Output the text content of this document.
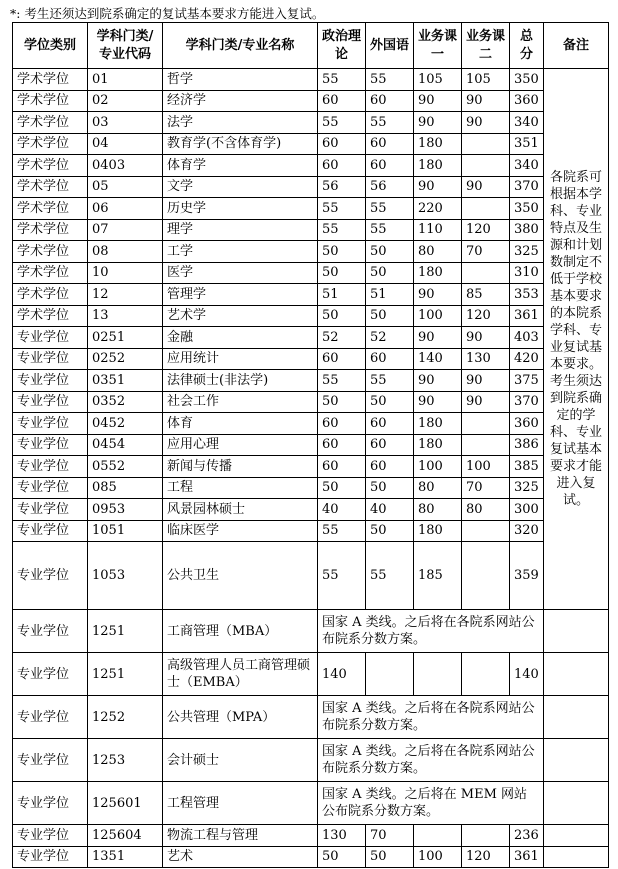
*: 考生还须达到院系确定的复试基本要求方能进入复试。
学位类别	学科门类/专业代码	学科门类/专业名称	政治理论	外国语	业务课一	业务课二	总分	备注
学术学位	01	哲学	55	55	105	105	350	各院系可根据本学科、专业特点及生源和计划数制定不低于学校基本要求的本院系学科、专业复试基本要求。考生须达到院系确定的学科、专业复试基本要求才能进入复试。
学术学位	02	经济学	60	60	90	90	360	
学术学位	03	法学	55	55	90	90	340	
学术学位	04	教育学(不含体育学)	60	60	180		351	
学术学位	0403	体育学	60	60	180		340	
学术学位	05	文学	56	56	90	90	370	
学术学位	06	历史学	55	55	220		350	
学术学位	07	理学	55	55	110	120	380	
学术学位	08	工学	50	50	80	70	325	
学术学位	10	医学	50	50	180		310	
学术学位	12	管理学	51	51	90	85	353	
学术学位	13	艺术学	50	50	100	120	361	
专业学位	0251	金融	52	52	90	90	403	
专业学位	0252	应用统计	60	60	140	130	420	
专业学位	0351	法律硕士(非法学)	55	55	90	90	375	
专业学位	0352	社会工作	50	50	90	90	370	
专业学位	0452	体育	60	60	180		360	
专业学位	0454	应用心理	60	60	180		386	
专业学位	0552	新闻与传播	60	60	100	100	385	
专业学位	085	工程	50	50	80	70	325	
专业学位	0953	风景园林硕士	40	40	80	80	300	
专业学位	1051	临床医学	55	50	180		320	
专业学位	1053	公共卫生	55	55	185		359	
专业学位	1251	工商管理（MBA）	国家 A 类线。之后将在各院系网站公布院系分数方案。					
专业学位	1251	高级管理人员工商管理硕士（EMBA）	140				140	
专业学位	1252	公共管理（MPA）	国家 A 类线。之后将在各院系网站公布院系分数方案。					
专业学位	1253	会计硕士	国家 A 类线。之后将在各院系网站公布院系分数方案。					
专业学位	125601	工程管理	国家 A 类线。之后将在 MEM 网站公布院系分数方案。					
专业学位	125604	物流工程与管理	130	70			236	
专业学位	1351	艺术	50	50	100	120	361	
